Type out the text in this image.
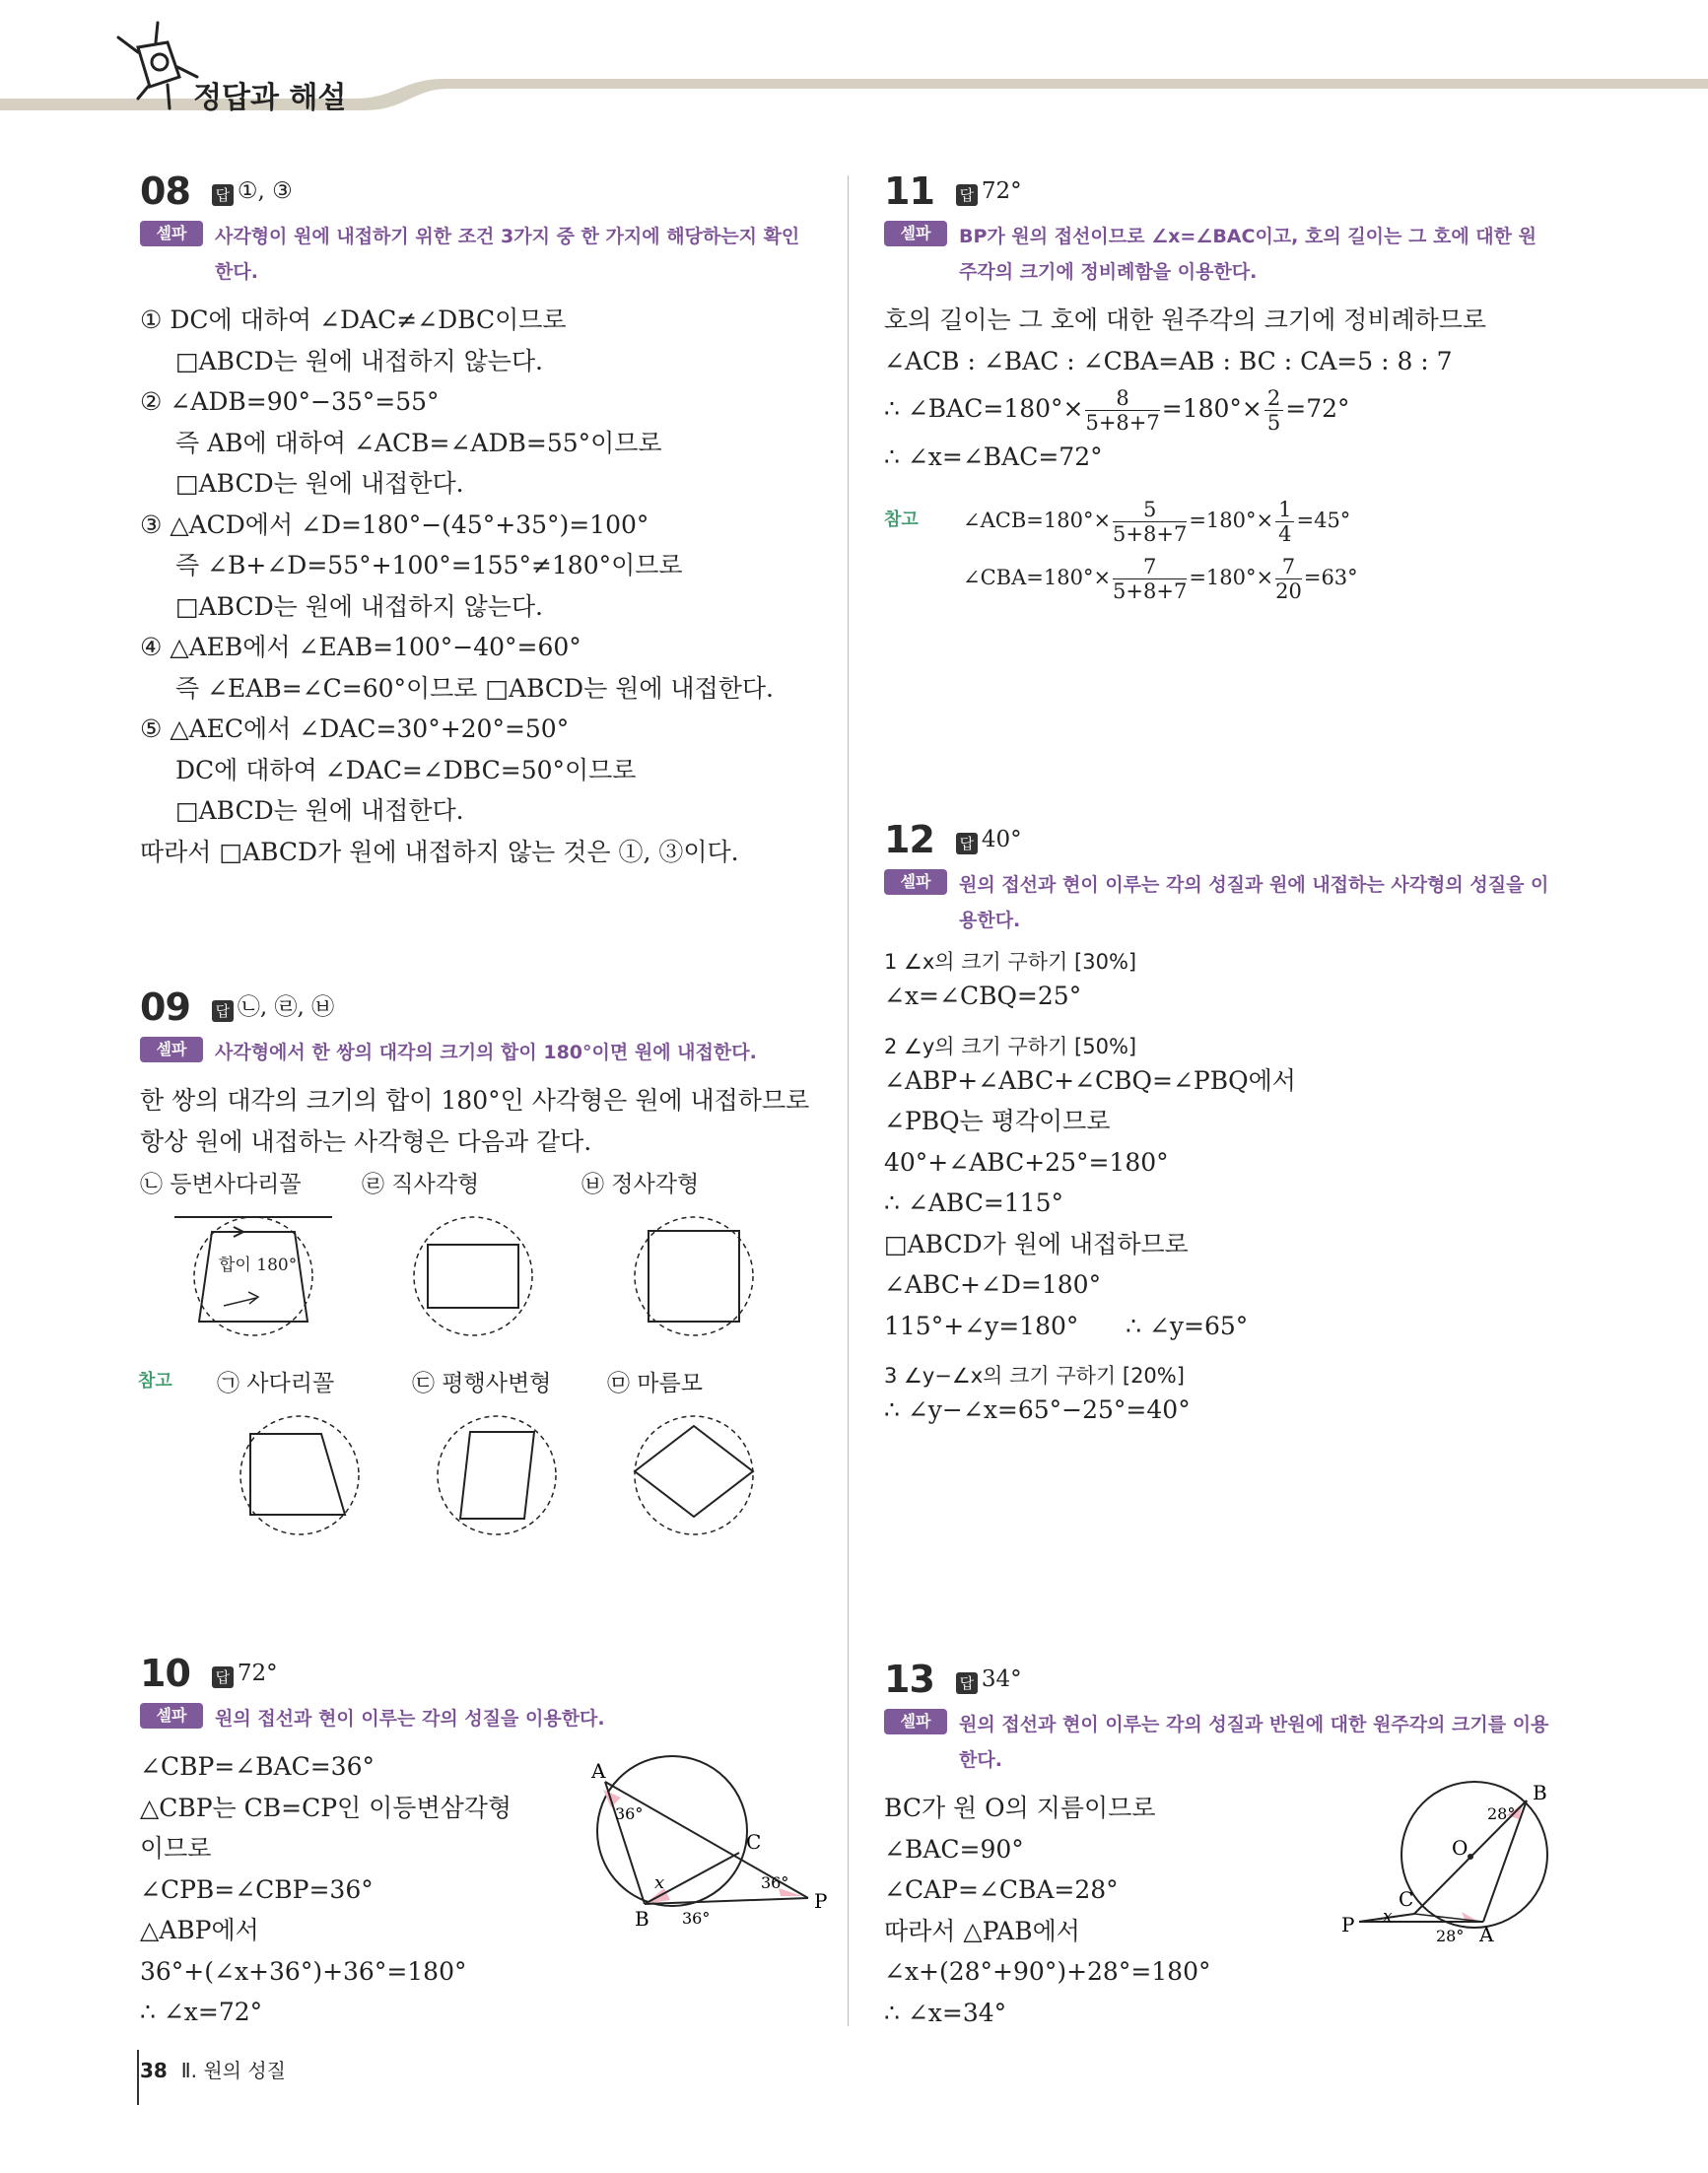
정답과 해설
08 답 ①, ③
셀파	사각형이 원에 내접하기 위한 조건 3가지 중 한 가지에 해당하는지 확인
한다.
① DC에 대하여 ∠DAC≠∠DBC이므로
□ABCD는 원에 내접하지 않는다.
② ∠ADB=90°−35°=55°
즉 AB에 대하여 ∠ACB=∠ADB=55°이므로
□ABCD는 원에 내접한다.
③ △ACD에서 ∠D=180°−(45°+35°)=100°
즉 ∠B+∠D=55°+100°=155°≠180°이므로
□ABCD는 원에 내접하지 않는다.
④ △AEB에서 ∠EAB=100°−40°=60°
즉 ∠EAB=∠C=60°이므로 □ABCD는 원에 내접한다.
⑤ △AEC에서 ∠DAC=30°+20°=50°
DC에 대하여 ∠DAC=∠DBC=50°이므로
□ABCD는 원에 내접한다.
따라서 □ABCD가 원에 내접하지 않는 것은 ①, ③이다.
09 답 ㉡, ㉣, ㉥
셀파	사각형에서 한 쌍의 대각의 크기의 합이 180°이면 원에 내접한다.
한 쌍의 대각의 크기의 합이 180°인 사각형은 원에 내접하므로
항상 원에 내접하는 사각형은 다음과 같다.
㉡ 등변사다리꼴	㉣ 직사각형	㉥ 정사각형
합이 180°
참고 ㉠ 사다리꼴	㉢ 평행사변형 ㉤ 마름모
10 답 72°
셀파	원의 접선과 현이 이루는 각의 성질을 이용한다.
∠CBP=∠BAC=36°
△CBP는 CB=CP인 이등변삼각형
이므로
∠CPB=∠CBP=36°
△ABP에서
36°+(∠x+36°)+36°=180°
∴ ∠x=72°
A
B
C
P
36°
36°
36°
x
11 답 72°
셀파	BP가 원의 접선이므로 ∠x=∠BAC이고, 호의 길이는 그 호에 대한 원
주각의 크기에 정비례함을 이용한다.
호의 길이는 그 호에 대한 원주각의 크기에 정비례하므로
∠ACB : ∠BAC : ∠CBA=AB : BC : CA=5 : 8 : 7
∴ ∠BAC=180°× $\frac{8}{5+8+7} =180^\circ\times \frac{2}{5} =72^\circ$
∴ ∠x=∠BAC=72°
참고 ∠ACB=180°× $\frac{5}{5+8+7} =180^\circ\times \frac{1}{4} =45^\circ$
∠CBA=180°× $\frac{7}{5+8+7} =180^\circ\times \frac{7}{20} =63^\circ$
12 답 40°
셀파	원의 접선과 현이 이루는 각의 성질과 원에 내접하는 사각형의 성질을 이
용한다.
1 ∠x의 크기 구하기 [30%]
∠x=∠CBQ=25°
2 ∠y의 크기 구하기 [50%]
∠ABP+∠ABC+∠CBQ=∠PBQ에서
∠PBQ는 평각이므로
40°+∠ABC+25°=180°
∴ ∠ABC=115°
□ABCD가 원에 내접하므로
∠ABC+∠D=180°
115°+∠y=180°      ∴ ∠y=65°
3 ∠y−∠x의 크기 구하기 [20%]
∴ ∠y−∠x=65°−25°=40°
13 답 34°
셀파	원의 접선과 현이 이루는 각의 성질과 반원에 대한 원주각의 크기를 이용
한다.
BC가 원 O의 지름이므로
∠BAC=90°
∠CAP=∠CBA=28°
따라서 △PAB에서
∠x+(28°+90°)+28°=180°
∴ ∠x=34°
B
O
C
P	A
28°
28°
x
38 Ⅱ. 원의 성질
